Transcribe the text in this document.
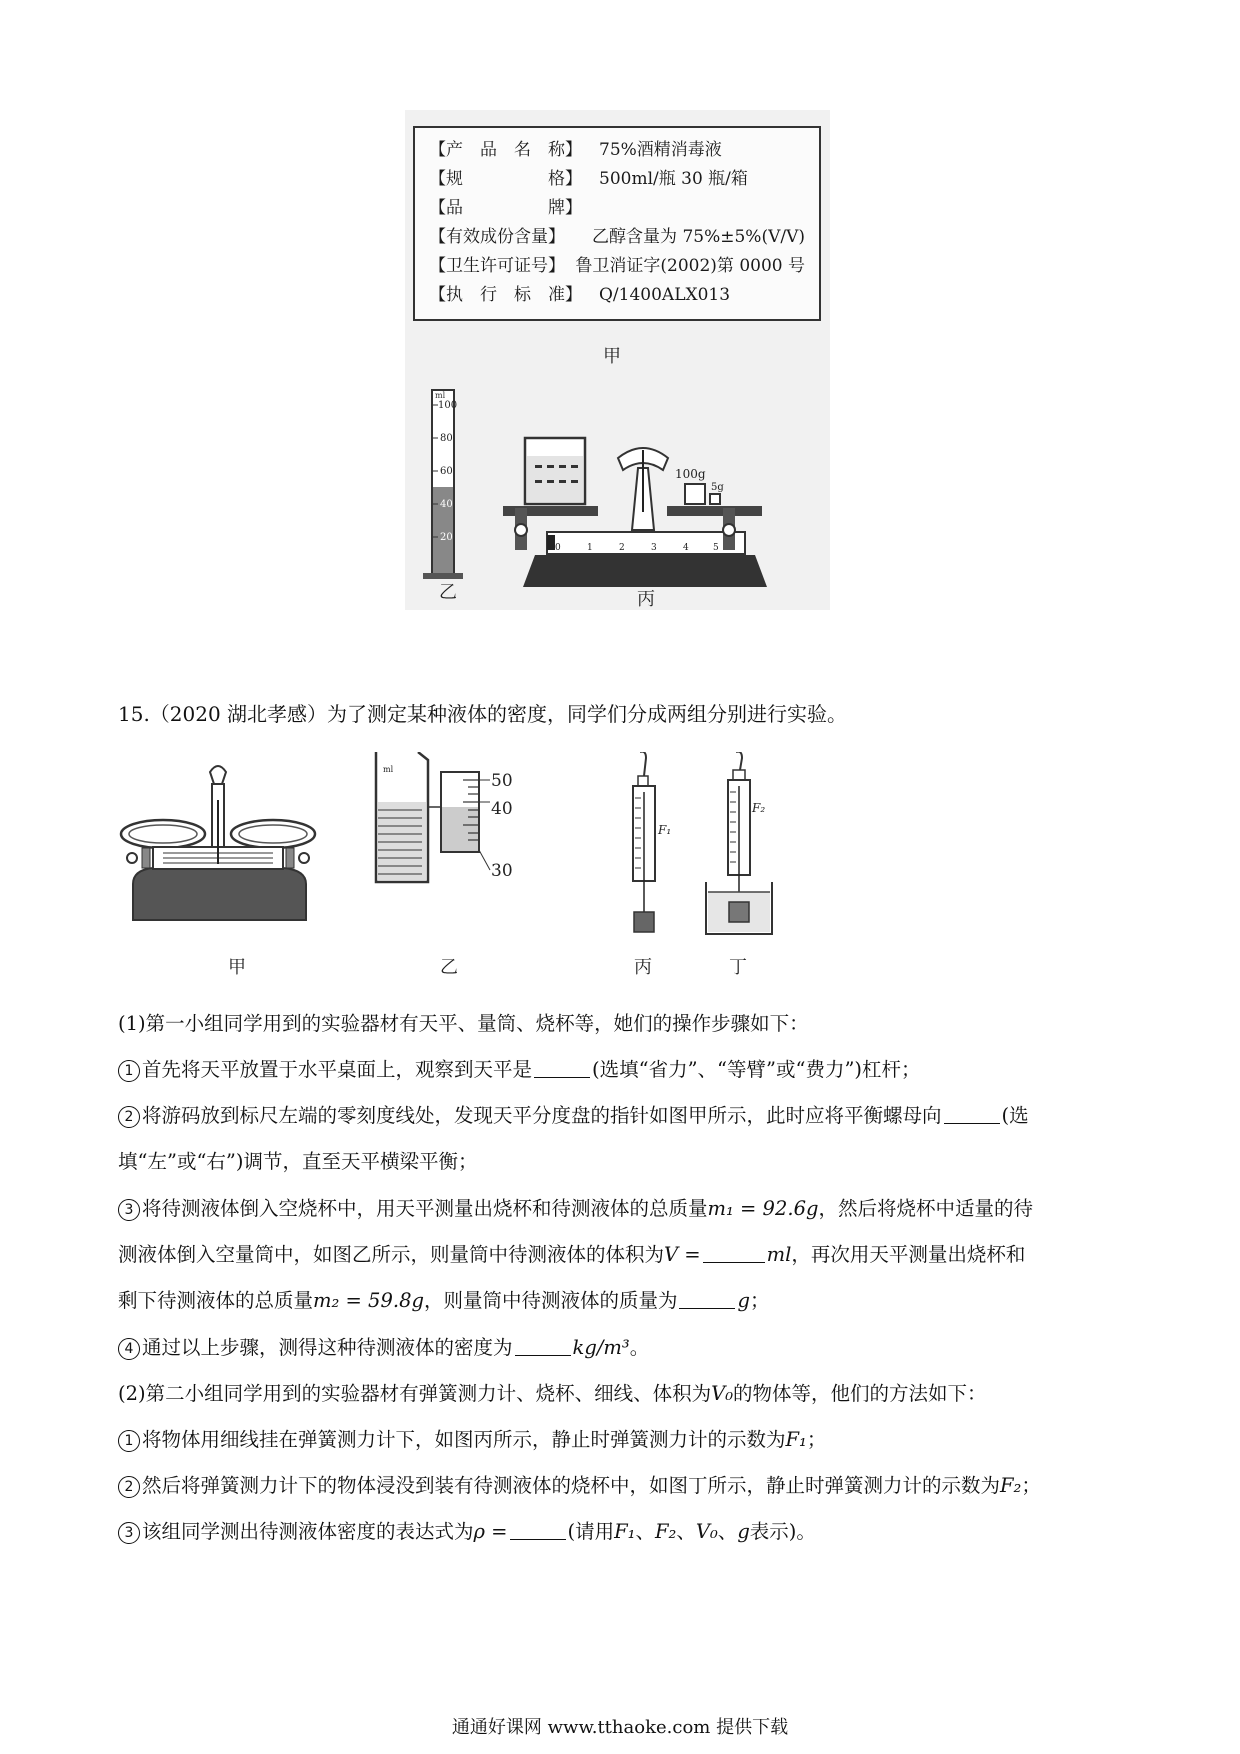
【产　品　名　称】	75%酒精消毒液
【规　　　　　格】	500ml/瓶 30 瓶/箱
【品　　　　　牌】
【有效成份含量】	乙醇含量为 75%±5%(V/V)
【卫生许可证号】 鲁卫消证字(2002)第 0000 号
【执　行　标　准】	Q/1400ALX013
甲
ml
100
80
60
40
20
0	1	2	3	4	5
100g
5g
乙	丙
15.（2020 湖北孝感）为了测定某种液体的密度，同学们分成两组分别进行实验。
ml
50
40
30
F₁
F₂
甲	乙	丙	丁
(1)第一小组同学用到的实验器材有天平、量筒、烧杯等，她们的操作步骤如下：
1 首先将天平放置于水平桌面上，观察到天平是	(选填“省力”、“等臂”或“费力”)杠杆；
2 将游码放到标尺左端的零刻度线处，发现天平分度盘的指针如图甲所示，此时应将平衡螺母向	(选
填“左”或“右”)调节，直至天平横梁平衡；
3 将待测液体倒入空烧杯中，用天平测量出烧杯和待测液体的总质量m₁ = 92.6g，然后将烧杯中适量的待
测液体倒入空量筒中，如图乙所示，则量筒中待测液体的体积为V =	ml，再次用天平测量出烧杯和
剩下待测液体的总质量m₂ = 59.8g，则量筒中待测液体的质量为	g；
4 通过以上步骤，测得这种待测液体的密度为	kg/m³。
(2)第二小组同学用到的实验器材有弹簧测力计、烧杯、细线、体积为V₀的物体等，他们的方法如下：
1 将物体用细线挂在弹簧测力计下，如图丙所示，静止时弹簧测力计的示数为F₁；
2 然后将弹簧测力计下的物体浸没到装有待测液体的烧杯中，如图丁所示，静止时弹簧测力计的示数为F₂；
3 该组同学测出待测液体密度的表达式为ρ =	(请用F₁、F₂、V₀、g表示)。
通通好课网 www.tthaoke.com 提供下载
